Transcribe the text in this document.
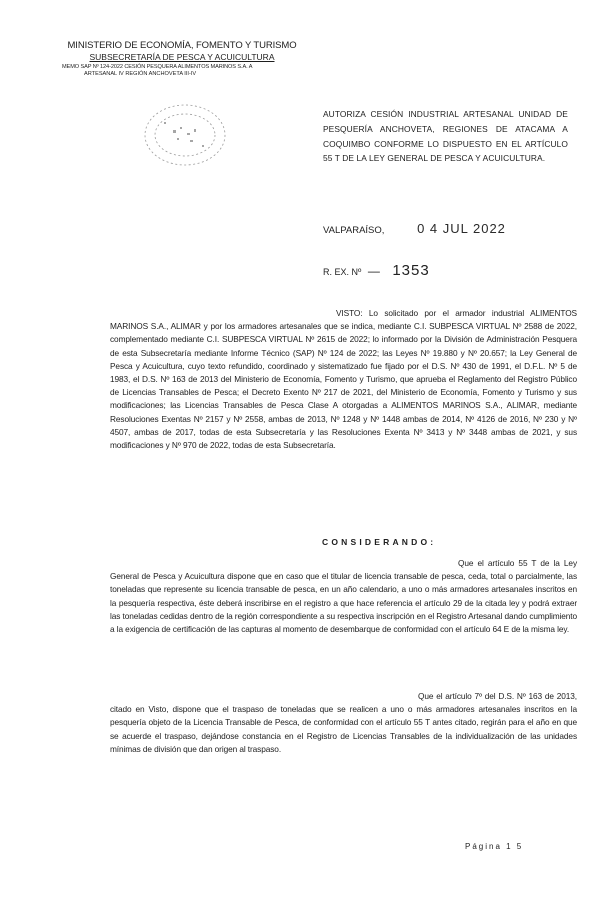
MINISTERIO DE ECONOMÍA, FOMENTO Y TURISMO
SUBSECRETARÍA DE PESCA Y ACUICULTURA
MEMO SAP Nº 124-2022 CESIÓN PESQUERA ALIMENTOS MARINOS S.A. A
ARTESANAL IV REGIÓN ANCHOVETA III-IV
AUTORIZA CESIÓN INDUSTRIAL ARTESANAL UNIDAD DE PESQUERÍA ANCHOVETA, REGIONES DE ATACAMA A COQUIMBO CONFORME LO DISPUESTO EN EL ARTÍCULO 55 T DE LA LEY GENERAL DE PESCA Y ACUICULTURA.
VALPARAÍSO,	0 4 JUL 2022
R. EX. Nº — 1353
VISTO: Lo solicitado por el armador industrial ALIMENTOS MARINOS S.A., ALIMAR y por los armadores artesanales que se indica, mediante C.I. SUBPESCA VIRTUAL Nº 2588 de 2022, complementado mediante C.I. SUBPESCA VIRTUAL Nº 2615 de 2022; lo informado por la División de Administración Pesquera de esta Subsecretaría mediante Informe Técnico (SAP) Nº 124 de 2022; las Leyes Nº 19.880 y Nº 20.657; la Ley General de Pesca y Acuicultura, cuyo texto refundido, coordinado y sistematizado fue fijado por el D.S. Nº 430 de 1991, el D.F.L. Nº 5 de 1983, el D.S. Nº 163 de 2013 del Ministerio de Economía, Fomento y Turismo, que aprueba el Reglamento del Registro Público de Licencias Transables de Pesca; el Decreto Exento Nº 217 de 2021, del Ministerio de Economía, Fomento y Turismo y sus modificaciones; las Licencias Transables de Pesca Clase A otorgadas a ALIMENTOS MARINOS S.A., ALIMAR, mediante Resoluciones Exentas Nº 2157 y Nº 2558, ambas de 2013, Nº 1248 y Nº 1448 ambas de 2014, Nº 4126 de 2016, Nº 230 y Nº 4507, ambas de 2017, todas de esta Subsecretaría y las Resoluciones Exenta Nº 3413 y Nº 3448 ambas de 2021, y sus modificaciones y Nº 970 de 2022, todas de esta Subsecretaría.
CONSIDERANDO:
Que el artículo 55 T de la Ley General de Pesca y Acuicultura dispone que en caso que el titular de licencia transable de pesca, ceda, total o parcialmente, las toneladas que represente su licencia transable de pesca, en un año calendario, a uno o más armadores artesanales inscritos en la pesquería respectiva, éste deberá inscribirse en el registro a que hace referencia el artículo 29 de la citada ley y podrá extraer las toneladas cedidas dentro de la región correspondiente a su respectiva inscripción en el Registro Artesanal dando cumplimiento a la exigencia de certificación de las capturas al momento de desembarque de conformidad con el artículo 64 E de la misma ley.
Que el artículo 7º del D.S. Nº 163 de 2013, citado en Visto, dispone que el traspaso de toneladas que se realicen a uno o más armadores artesanales inscritos en la pesquería objeto de la Licencia Transable de Pesca, de conformidad con el artículo 55 T antes citado, regirán para el año en que se acuerde el traspaso, dejándose constancia en el Registro de Licencias Transables de la individualización de las unidades mínimas de división que dan origen al traspaso.
Página 1 5
